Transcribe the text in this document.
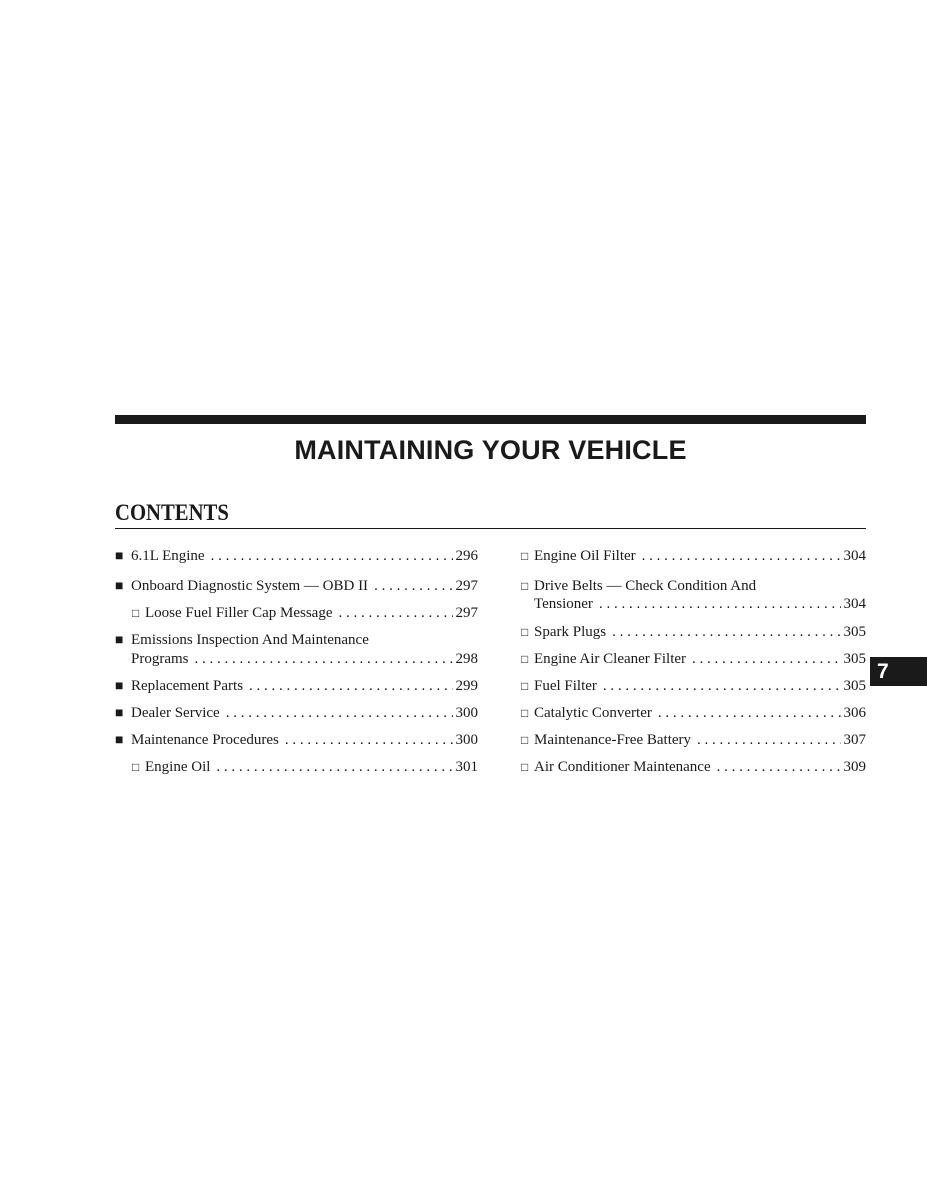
MAINTAINING YOUR VEHICLE
CONTENTS
■ 6.1L Engine . . .	296
■ Onboard Diagnostic System — OBD II . . .	297
□ Loose Fuel Filler Cap Message . . .	297
■ Emissions Inspection And Maintenance
Programs . . .	298
■ Replacement Parts . . .	299
■ Dealer Service . . .	300
■ Maintenance Procedures . . .	300
□ Engine Oil . . .	301
□ Engine Oil Filter . . .	304
□ Drive Belts — Check Condition And
Tensioner . . .	304
□ Spark Plugs . . .	305
□ Engine Air Cleaner Filter . . .	305
□ Fuel Filter . . .	305
□ Catalytic Converter . . .	306
□ Maintenance-Free Battery . . .	307
□ Air Conditioner Maintenance . . .	309
7
